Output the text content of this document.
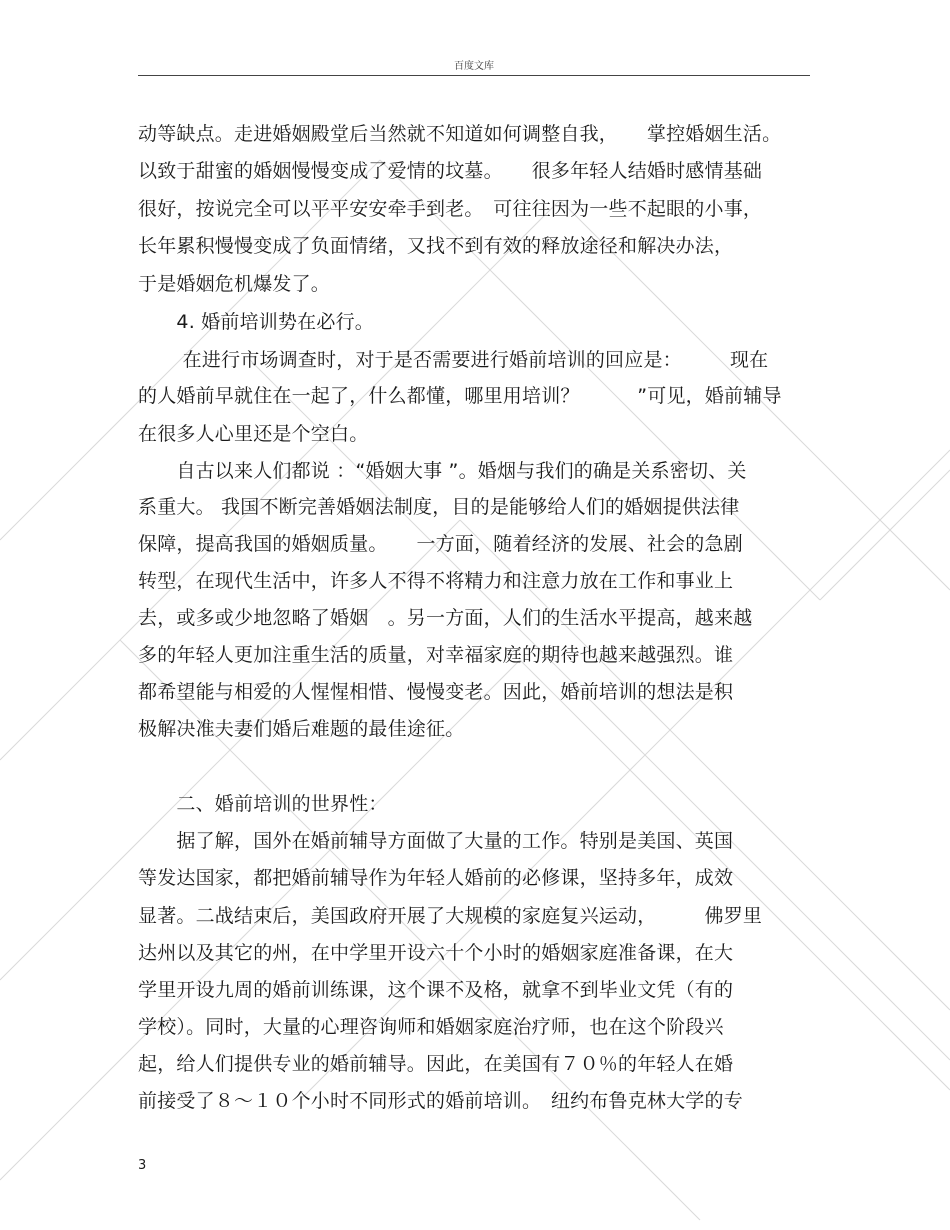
百度文库
动等缺点。走进婚姻殿堂后当然就不知道如何调整自我，　　掌控婚姻生活。
以致于甜蜜的婚姻慢慢变成了爱情的坟墓。　　很多年轻人结婚时感情基础
很好，按说完全可以平平安安牵手到老。　可往往因为一些不起眼的小事，
长年累积慢慢变成了负面情绪，又找不到有效的释放途径和解决办法，
于是婚姻危机爆发了。
　　4. 婚前培训势在必行。
　　 在进行市场调查时，对于是否需要进行婚前培训的回应是：　　　现在
的人婚前早就住在一起了，什么都懂，哪里用培训？　　　”可见，婚前辅导
在很多人心里还是个空白。
　　自古以来人们都说 ：“婚姻大事 ”。婚烟与我们的确是关系密切、关
系重大。 我国不断完善婚姻法制度，目的是能够给人们的婚姻提供法律
保障，提高我国的婚姻质量。　　一方面，随着经济的发展、社会的急剧
转型，在现代生活中，许多人不得不将精力和注意力放在工作和事业上
去，或多或少地忽略了婚姻　。另一方面，人们的生活水平提高，越来越
多的年轻人更加注重生活的质量，对幸福家庭的期待也越来越强烈。谁
都希望能与相爱的人惺惺相惜、慢慢变老。因此，婚前培训的想法是积
极解决准夫妻们婚后难题的最佳途征。
　　二、婚前培训的世界性：
　　据了解，国外在婚前辅导方面做了大量的工作。特别是美国、英国
等发达国家，都把婚前辅导作为年轻人婚前的必修课，坚持多年，成效
显著。二战结束后，美国政府开展了大规模的家庭复兴运动，　　　佛罗里
达州以及其它的州，在中学里开设六十个小时的婚姻家庭准备课，在大
学里开设九周的婚前训练课，这个课不及格，就拿不到毕业文凭（有的
学校）。同时，大量的心理咨询师和婚姻家庭治疗师，也在这个阶段兴
起，给人们提供专业的婚前辅导。因此，在美国有７０％的年轻人在婚
前接受了８～１０个小时不同形式的婚前培训。　纽约布鲁克林大学的专
3
